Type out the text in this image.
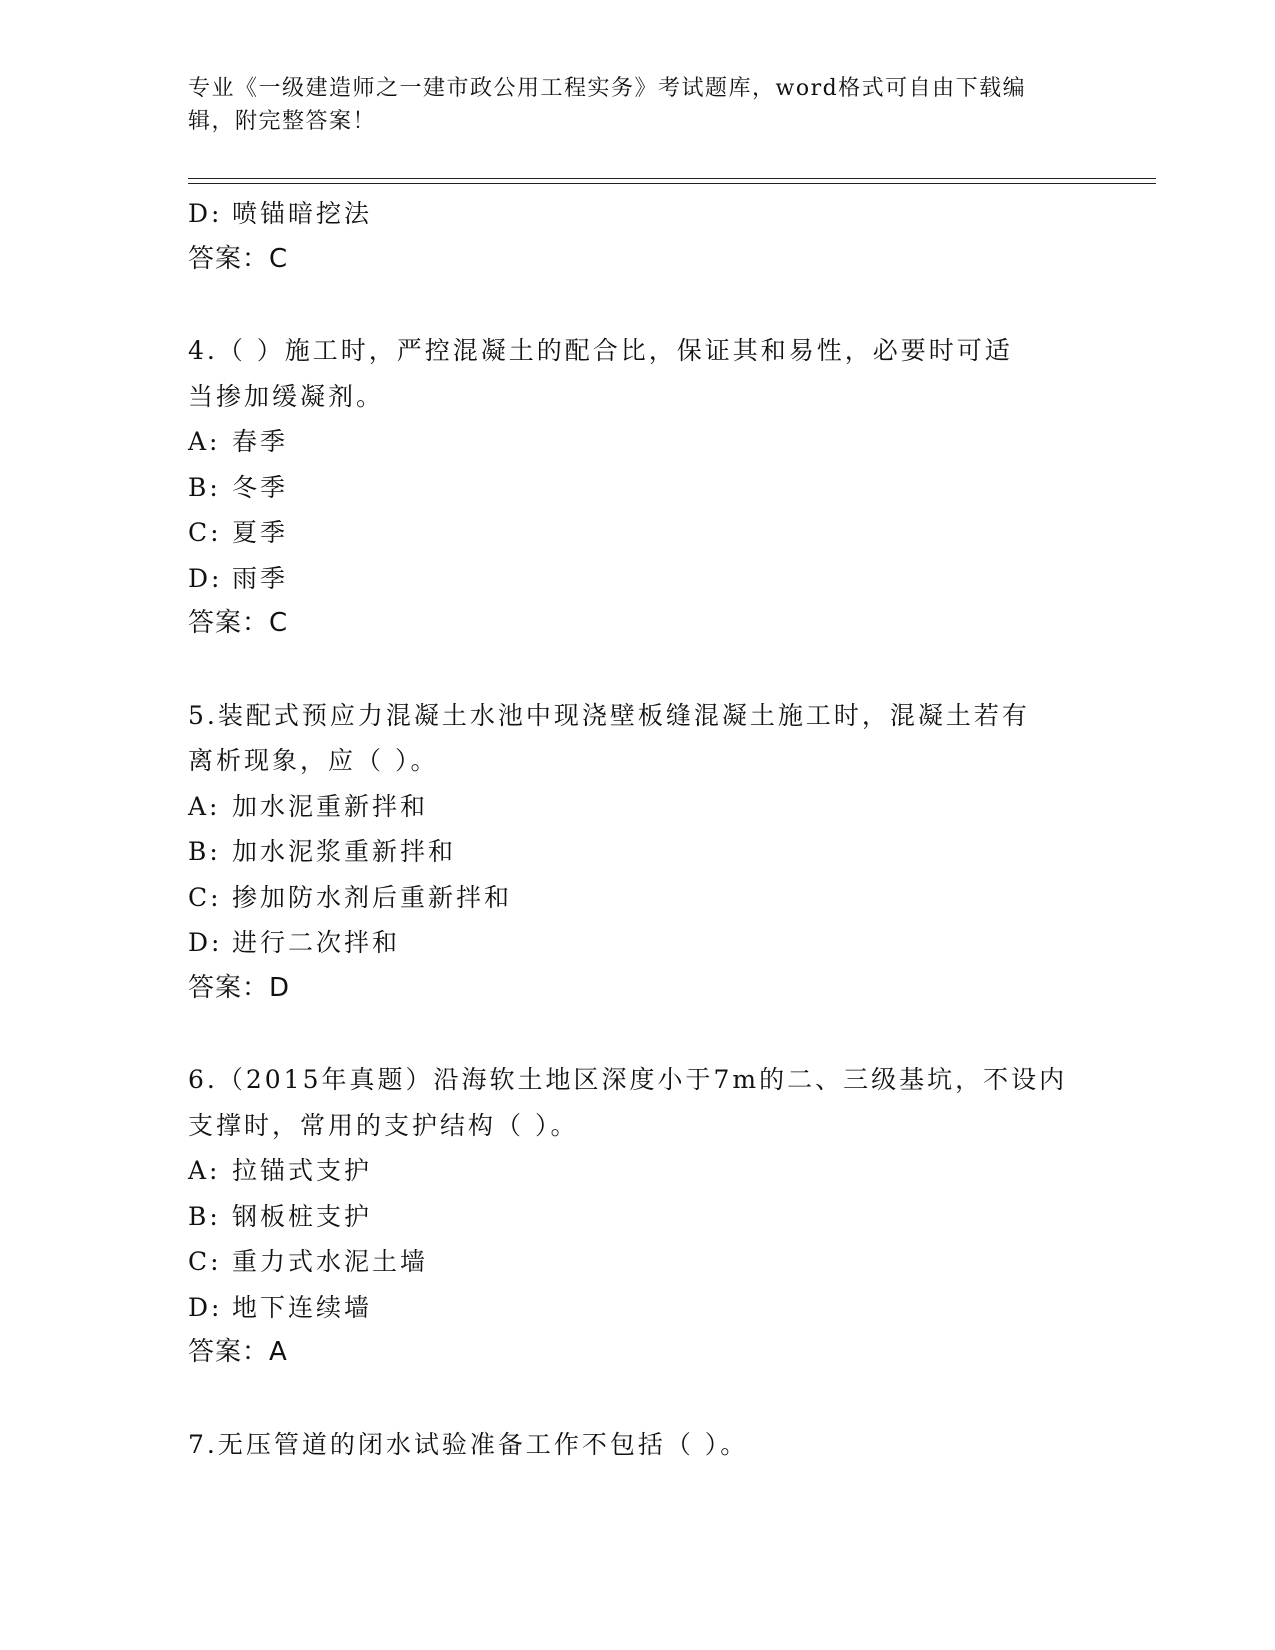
专业《一级建造师之一建市政公用工程实务》考试题库，word格式可自由下载编
辑，附完整答案！
D: 喷锚暗挖法
答案：C
4.（ ）施工时，严控混凝土的配合比，保证其和易性，必要时可适
当掺加缓凝剂。
A: 春季
B: 冬季
C: 夏季
D: 雨季
答案：C
5.装配式预应力混凝土水池中现浇壁板缝混凝土施工时，混凝土若有
离析现象，应（ ）。
A: 加水泥重新拌和
B: 加水泥浆重新拌和
C: 掺加防水剂后重新拌和
D: 进行二次拌和
答案：D
6.（2015年真题）沿海软土地区深度小于7m的二、三级基坑，不设内
支撑时，常用的支护结构（ ）。
A: 拉锚式支护
B: 钢板桩支护
C: 重力式水泥土墙
D: 地下连续墙
答案：A
7.无压管道的闭水试验准备工作不包括（ ）。
